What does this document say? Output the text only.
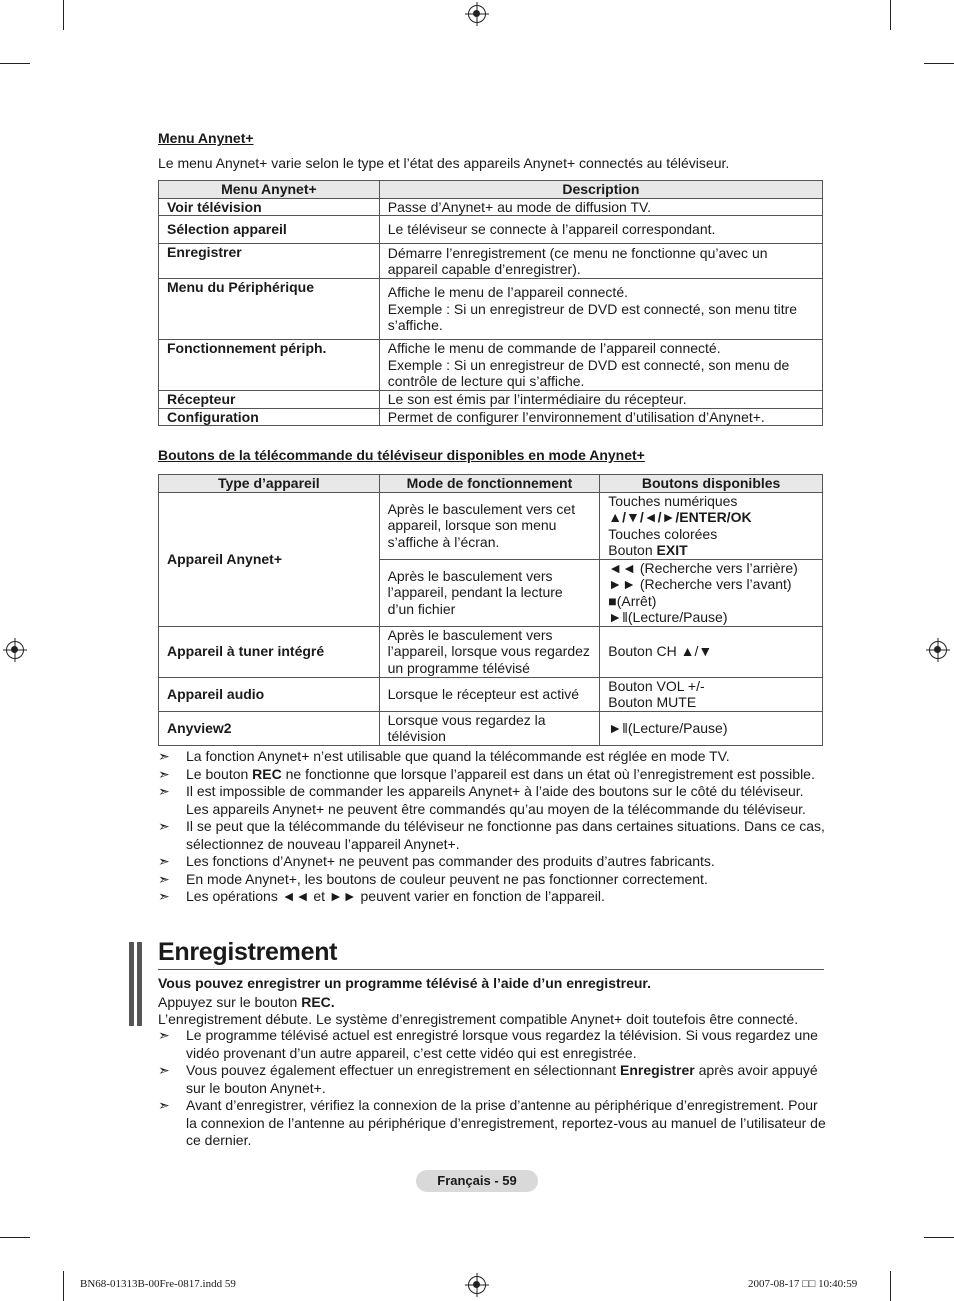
Menu Anynet+
Le menu Anynet+ varie selon le type et l’état des appareils Anynet+ connectés au téléviseur.
Menu Anynet+	Description
Voir télévision	Passe d’Anynet+ au mode de diffusion TV.
Sélection appareil	Le téléviseur se connecte à l’appareil correspondant.
Enregistrer	Démarre l’enregistrement (ce menu ne fonctionne qu’avec un appareil capable d’enregistrer).
Menu du Périphérique	Affiche le menu de l’appareil connecté.
Exemple : Si un enregistreur de DVD est connecté, son menu titre s’affiche.

Fonctionnement périph.	Affiche le menu de commande de l’appareil connecté.
Exemple : Si un enregistreur de DVD est connecté, son menu de contrôle de lecture qui s’affiche.

Récepteur	Le son est émis par l’intermédiaire du récepteur.
Configuration	Permet de configurer l’environnement d’utilisation d’Anynet+.
Boutons de la télécommande du téléviseur disponibles en mode Anynet+
Type d’appareil	Mode de fonctionnement	Boutons disponibles
Appareil Anynet+	Après le basculement vers cet appareil, lorsque son menu s’affiche à l’écran.	Touches numériques
▲/▼/◄/►/ENTER/OK
Touches colorées
Bouton EXIT

	Après le basculement vers l’appareil, pendant la lecture d’un fichier	◄◄ (Recherche vers l’arrière)
►► (Recherche vers l’avant)
■(Arrêt)
►‖(Lecture/Pause)

Appareil à tuner intégré	Après le basculement vers l’appareil, lorsque vous regardez un programme télévisé	Bouton CH ▲/▼
Appareil audio	Lorsque le récepteur est activé	Bouton VOL +/-
Bouton MUTE

Anyview2	Lorsque vous regardez la télévision	►‖(Lecture/Pause)
➣ La fonction Anynet+ n’est utilisable que quand la télécommande est réglée en mode TV.
➣ Le bouton REC ne fonctionne que lorsque l’appareil est dans un état où l’enregistrement est possible.
➣ Il est impossible de commander les appareils Anynet+ à l’aide des boutons sur le côté du téléviseur. Les appareils Anynet+ ne peuvent être commandés qu’au moyen de la télécommande du téléviseur.
➣ Il se peut que la télécommande du téléviseur ne fonctionne pas dans certaines situations. Dans ce cas, sélectionnez de nouveau l’appareil Anynet+.
➣ Les fonctions d’Anynet+ ne peuvent pas commander des produits d’autres fabricants.
➣ En mode Anynet+, les boutons de couleur peuvent ne pas fonctionner correctement.
➣ Les opérations ◄◄ et ►► peuvent varier en fonction de l’appareil.
Enregistrement
Vous pouvez enregistrer un programme télévisé à l’aide d’un enregistreur.
Appuyez sur le bouton REC.
L’enregistrement débute. Le système d’enregistrement compatible Anynet+ doit toutefois être connecté.
➣ Le programme télévisé actuel est enregistré lorsque vous regardez la télévision. Si vous regardez une vidéo provenant d’un autre appareil, c’est cette vidéo qui est enregistrée.
➣ Vous pouvez également effectuer un enregistrement en sélectionnant Enregistrer après avoir appuyé sur le bouton Anynet+.
➣ Avant d’enregistrer, vérifiez la connexion de la prise d’antenne au périphérique d’enregistrement. Pour la connexion de l’antenne au périphérique d’enregistrement, reportez-vous au manuel de l’utilisateur de ce dernier.
Français - 59
BN68-01313B-00Fre-0817.indd 59	2007-08-17 □□ 10:40:59
